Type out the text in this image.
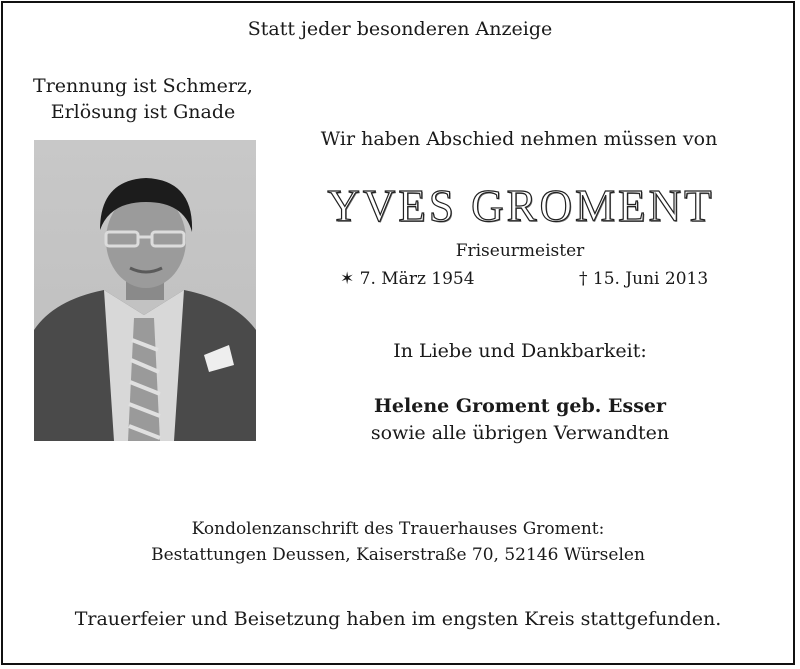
Statt jeder besonderen Anzeige
Trennung ist Schmerz,
Erlösung ist Gnade
Wir haben Abschied nehmen müssen von
YVES GROMENT
Friseurmeister
✶ 7. März 1954	† 15. Juni 2013
In Liebe und Dankbarkeit:
Helene Groment geb. Esser
sowie alle übrigen Verwandten
Kondolenzanschrift des Trauerhauses Groment:
Bestattungen Deussen, Kaiserstraße 70, 52146 Würselen
Trauerfeier und Beisetzung haben im engsten Kreis stattgefunden.
